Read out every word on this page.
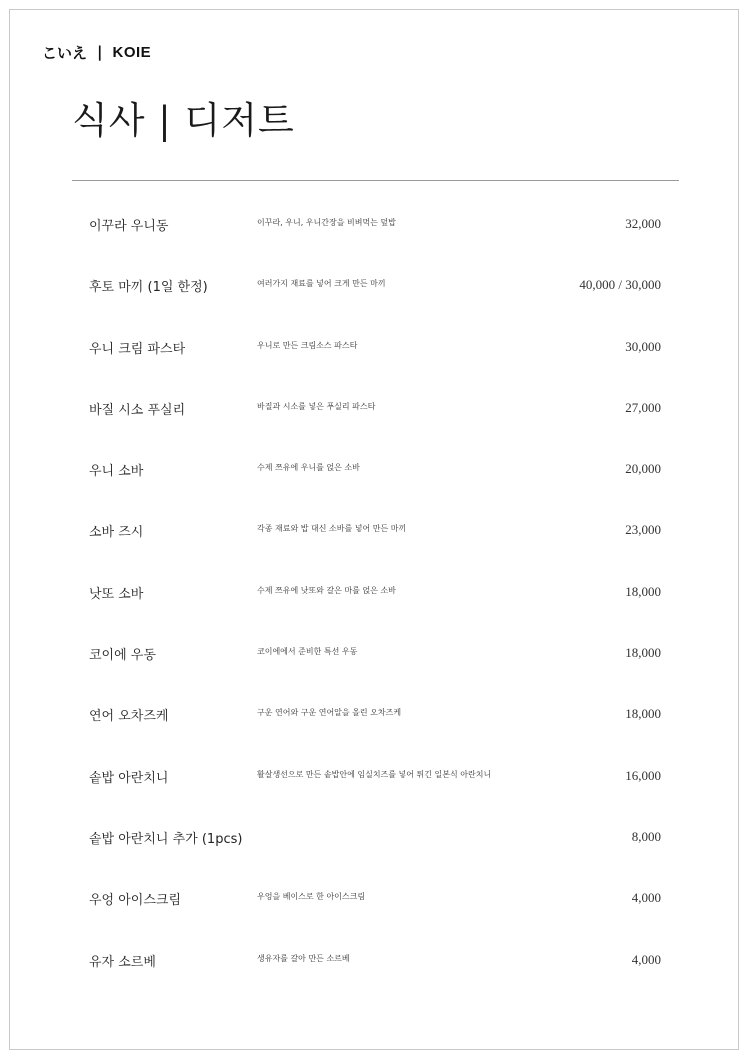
こいえ | KOIE
식사 | 디저트
이꾸라 우니동	이꾸라, 우니, 우니간장을 비벼먹는 덮밥	32,000
후토 마끼 (1일 한정)	여러가지 재료를 넣어 크게 만든 마끼	40,000 / 30,000
우니 크림 파스타	우니로 만든 크림소스 파스타	30,000
바질 시소 푸실리	바질과 시소를 넣은 푸실리 파스타	27,000
우니 소바	수제 쯔유에 우니를 얹은 소바	20,000
소바 즈시	각종 재료와 밥 대신 소바를 넣어 만든 마끼	23,000
낫또 소바	수제 쯔유에 낫또와 갈은 마를 얹은 소바	18,000
코이에 우동	코이에에서 준비한 특선 우동	18,000
연어 오차즈케	구운 연어와 구운 연어알을 올린 오차즈케	18,000
솥밥 아란치니	활살생선으로 만든 솥밥안에 임실치즈를 넣어 튀긴 일본식 아란치니	16,000
솥밥 아란치니 추가 (1pcs)	8,000
우엉 아이스크림	우엉을 베이스로 한 아이스크림	4,000
유자 소르베	생유자를 갈아 만든 소르베	4,000
